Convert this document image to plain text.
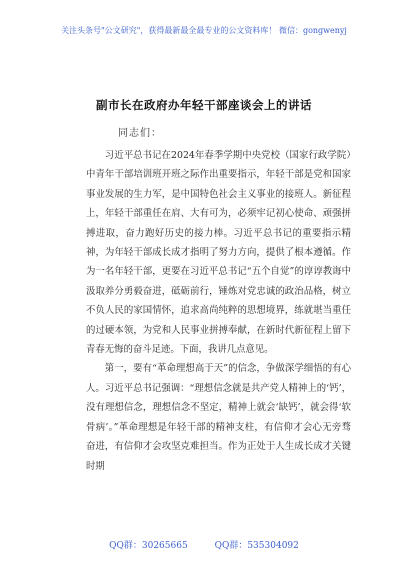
关注头条号"公文研究"，获得最新最全最专业的公文资料库！ 微信：gongwenyj
副市长在政府办年轻干部座谈会上的讲话
同志们：

习近平总书记在2024年春季学期中央党校（国家行政学院）中青年干部培训班开班之际作出重要指示，年轻干部是党和国家事业发展的生力军，是中国特色社会主义事业的接班人。新征程上，年轻干部重任在肩、大有可为，必须牢记初心使命、顽强拼搏进取，奋力跑好历史的接力棒。习近平总书记的重要指示精神，为年轻干部成长成才指明了努力方向，提供了根本遵循。作为一名年轻干部，更要在习近平总书记“五个自觉”的谆谆教诲中汲取养分勇毅奋进，砥砺前行，锤炼对党忠诚的政治品格，树立不负人民的家国情怀，追求高尚纯粹的思想境界，练就堪当重任的过硬本领，为党和人民事业拼搏奉献，在新时代新征程上留下青春无悔的奋斗足迹。下面，我讲几点意见。

第一，要有“革命理想高于天”的信念，争做深学细悟的有心人。习近平总书记强调：“理想信念就是共产党人精神上的‘钙’，没有理想信念，理想信念不坚定，精神上就会‘缺钙’，就会得‘软骨病’。”革命理想是年轻干部的精神支柱，有信仰才会心无旁骛奋进，有信仰才会攻坚克难担当。作为正处于人生成长成才关键时期

QQ群：30265665	QQ群：535304092
